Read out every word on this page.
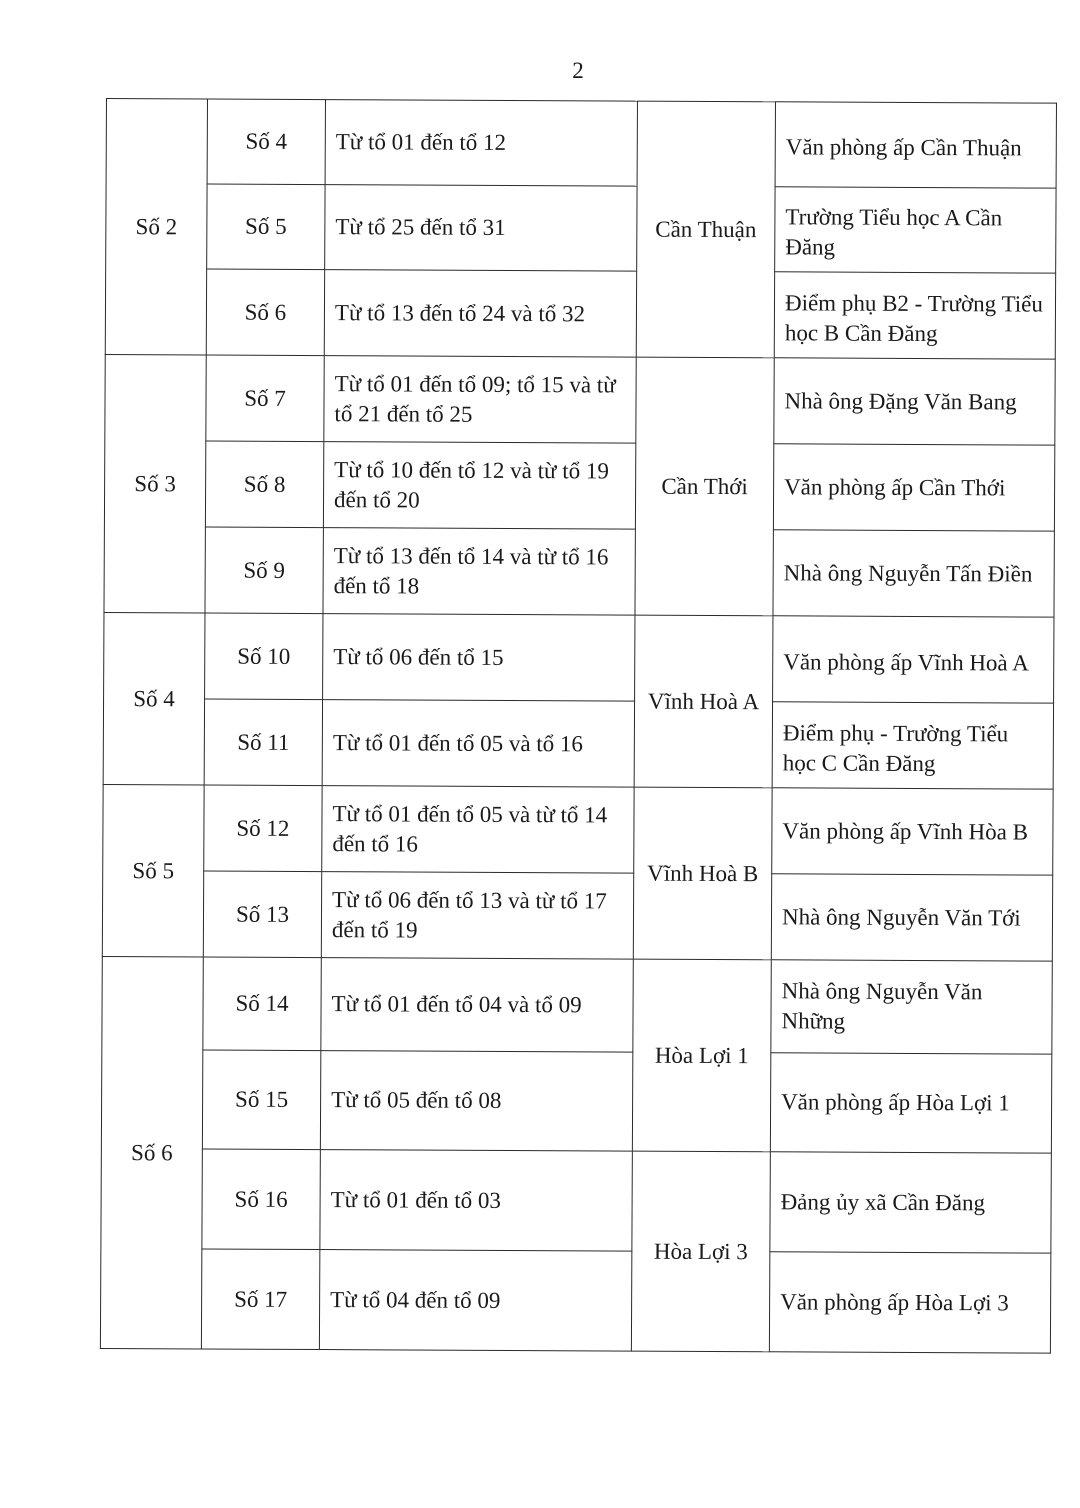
2
Số 2	Số 4	Từ tổ 01 đến tổ 12	Cần Thuận	Văn phòng ấp Cần Thuận
	Số 5	Từ tổ 25 đến tổ 31		Trường Tiểu học A Cần Đăng
	Số 6	Từ tổ 13 đến tổ 24 và tổ 32		Điểm phụ B2 - Trường Tiểu học B Cần Đăng
Số 3	Số 7	Từ tổ 01 đến tổ 09; tổ 15 và từ tổ 21 đến tổ 25	Cần Thới	Nhà ông Đặng Văn Bang
	Số 8	Từ tổ 10 đến tổ 12 và từ tổ 19 đến tổ 20		Văn phòng ấp Cần Thới
	Số 9	Từ tổ 13 đến tổ 14 và từ tổ 16 đến tổ 18		Nhà ông Nguyễn Tấn Điền
Số 4	Số 10	Từ tổ 06 đến tổ 15	Vĩnh Hoà A	Văn phòng ấp Vĩnh Hoà A
	Số 11	Từ tổ 01 đến tổ 05 và tổ 16		Điểm phụ - Trường Tiểu học C Cần Đăng
Số 5	Số 12	Từ tổ 01 đến tổ 05 và từ tổ 14 đến tổ 16	Vĩnh Hoà B	Văn phòng ấp Vĩnh Hòa B
	Số 13	Từ tổ 06 đến tổ 13 và từ tổ 17 đến tổ 19		Nhà ông Nguyễn Văn Tới
Số 6	Số 14	Từ tổ 01 đến tổ 04 và tổ 09	Hòa Lợi 1	Nhà ông Nguyễn Văn Những
	Số 15	Từ tổ 05 đến tổ 08		Văn phòng ấp Hòa Lợi 1
	Số 16	Từ tổ 01 đến tổ 03	Hòa Lợi 3	Đảng ủy xã Cần Đăng
	Số 17	Từ tổ 04 đến tổ 09		Văn phòng ấp Hòa Lợi 3
